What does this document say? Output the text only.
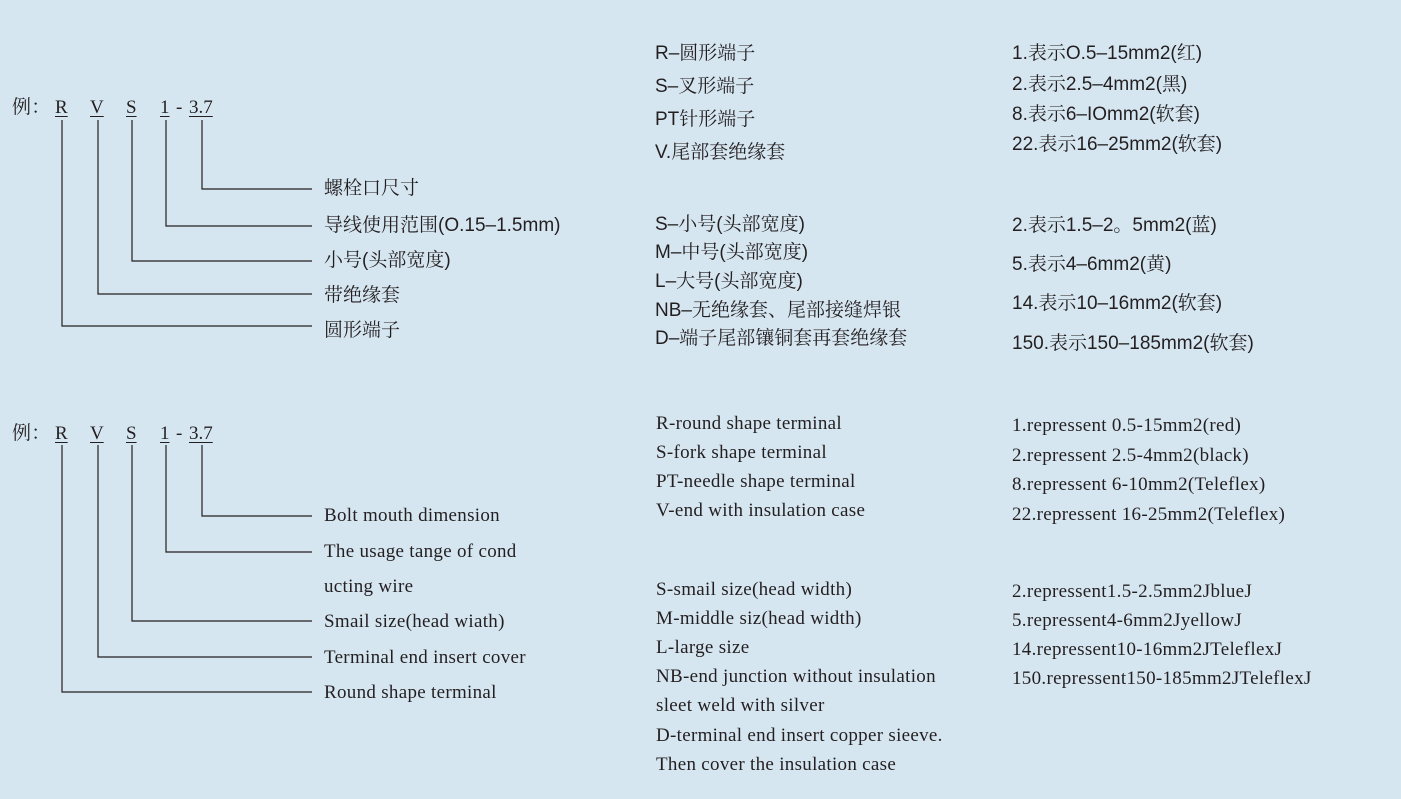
例： R V S 1 - 3.7
螺栓口尺寸
导线使用范围(O.15–1.5mm)
小号(头部宽度)
带绝缘套
圆形端子
R–圆形端子
S–叉形端子
PT针形端子
V.尾部套绝缘套
S–小号(头部宽度)
M–中号(头部宽度)
L–大号(头部宽度)
NB–无绝缘套、尾部接缝焊银
D–端子尾部镶铜套再套绝缘套
1.表示O.5–15mm2(红)
2.表示2.5–4mm2(黑)
8.表示6–IOmm2(软套)
22.表示16–25mm2(软套)
2.表示1.5–2。5mm2(蓝)
5.表示4–6mm2(黄)
14.表示10–16mm2(软套)
150.表示150–185mm2(软套)
例： R V S 1 - 3.7
Bolt mouth dimension
The usage tange of cond
ucting wire
Smail size(head wiath)
Terminal end insert cover
Round shape terminal
R-round shape terminal
S-fork shape terminal
PT-needle shape terminal
V-end with insulation case
S-smail size(head width)
M-middle siz(head width)
L-large size
NB-end junction without insulation
sleet weld with silver
D-terminal end insert copper sieeve.
Then cover the insulation case
1.repressent 0.5-15mm2(red)
2.repressent 2.5-4mm2(black)
8.repressent 6-10mm2(Teleflex)
22.repressent 16-25mm2(Teleflex)
2.repressent1.5-2.5mm2JblueJ
5.repressent4-6mm2JyellowJ
14.repressent10-16mm2JTeleflexJ
150.repressent150-185mm2JTeleflexJ
